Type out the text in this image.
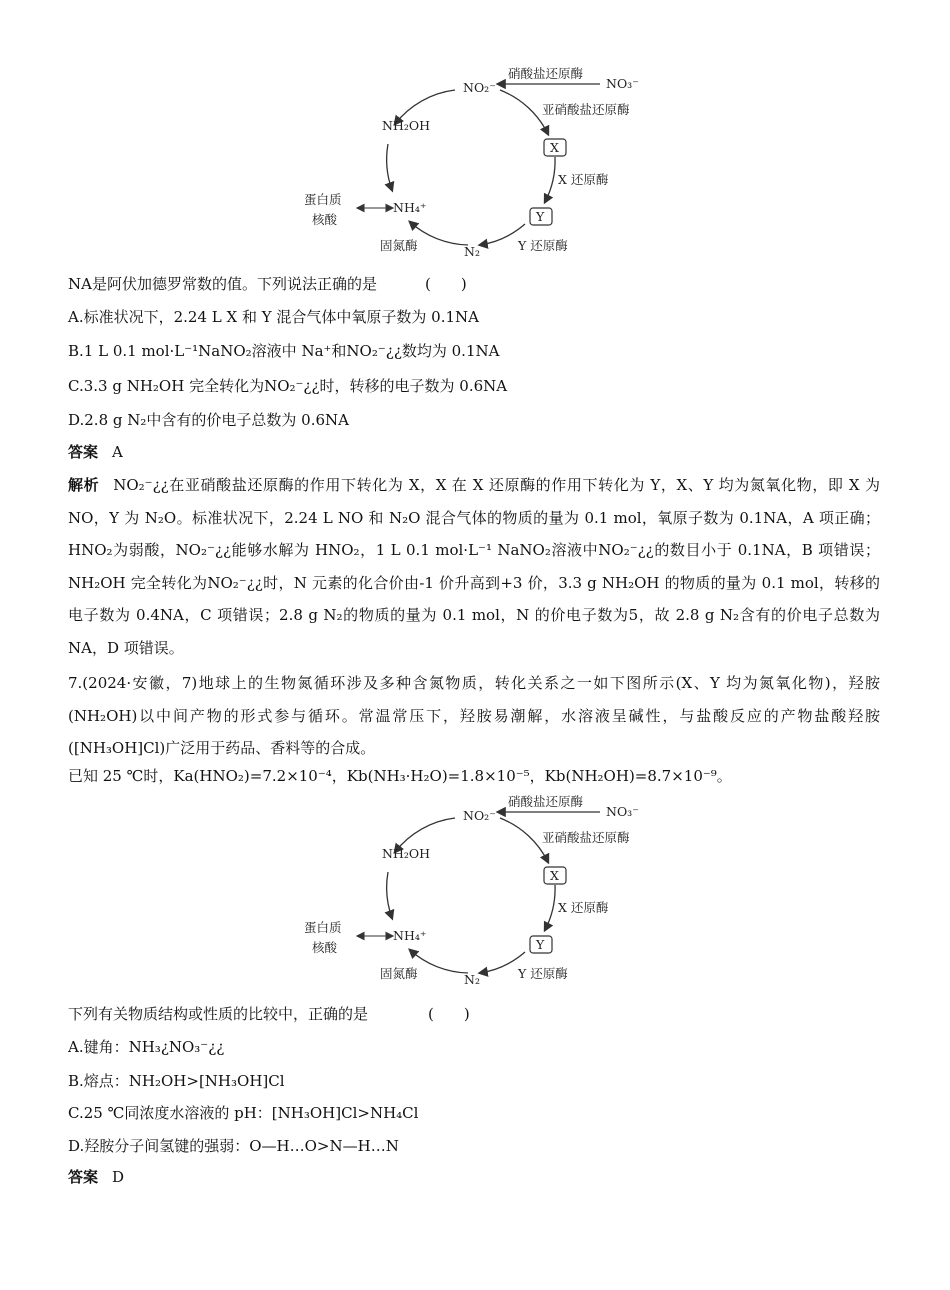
NO₂⁻	NO₃⁻
NH₂OH
NH₄⁺
N₂
X
Y
蛋白质
核酸
硝酸盐还原酶
亚硝酸盐还原酶
X 还原酶
Y 还原酶
固氮酶
NA是阿伏加德罗常数的值。下列说法正确的是	(　　)
A.标准状况下，2.24 L X 和 Y 混合气体中氧原子数为 0.1NA
B.1 L 0.1 mol·L⁻¹NaNO₂溶液中 Na⁺和NO₂⁻¿¿数均为 0.1NA
C.3.3 g NH₂OH 完全转化为NO₂⁻¿¿时，转移的电子数为 0.6NA
D.2.8 g N₂中含有的价电子总数为 0.6NA
答案 A
解析 NO₂⁻¿¿在亚硝酸盐还原酶的作用下转化为 X，X 在 X 还原酶的作用下转化为 Y，X、Y 均为氮氧化物，即 X 为 NO，Y 为 N₂O。标准状况下，2.24 L NO 和 N₂O 混合气体的物质的量为 0.1 mol，氧原子数为 0.1NA，A 项正确；HNO₂为弱酸，NO₂⁻¿¿能够水解为 HNO₂，1 L 0.1 mol·L⁻¹ NaNO₂溶液中NO₂⁻¿¿的数目小于 0.1NA，B 项错误；NH₂OH 完全转化为NO₂⁻¿¿时，N 元素的化合价由-1 价升高到+3 价，3.3 g NH₂OH 的物质的量为 0.1 mol，转移的电子数为 0.4NA，C 项错误；2.8 g N₂的物质的量为 0.1 mol，N 的价电子数为5，故 2.8 g N₂含有的价电子总数为 NA，D 项错误。
7.(2024·安徽，7)地球上的生物氮循环涉及多种含氮物质，转化关系之一如下图所示(X、Y 均为氮氧化物)，羟胺(NH₂OH)以中间产物的形式参与循环。常温常压下，羟胺易潮解，水溶液呈碱性，与盐酸反应的产物盐酸羟胺([NH₃OH]Cl)广泛用于药品、香料等的合成。
已知 25 ℃时，Ka(HNO₂)=7.2×10⁻⁴，Kb(NH₃·H₂O)=1.8×10⁻⁵，Kb(NH₂OH)=8.7×10⁻⁹。
NO₂⁻	NO₃⁻
NH₂OH
NH₄⁺
N₂
X
Y
蛋白质
核酸
硝酸盐还原酶
亚硝酸盐还原酶
X 还原酶
Y 还原酶
固氮酶
下列有关物质结构或性质的比较中，正确的是	(　　)
A.键角：NH₃¿NO₃⁻¿¿
B.熔点：NH₂OH>[NH₃OH]Cl
C.25 ℃同浓度水溶液的 pH：[NH₃OH]Cl>NH₄Cl
D.羟胺分子间氢键的强弱：O—H…O>N—H…N
答案 D
